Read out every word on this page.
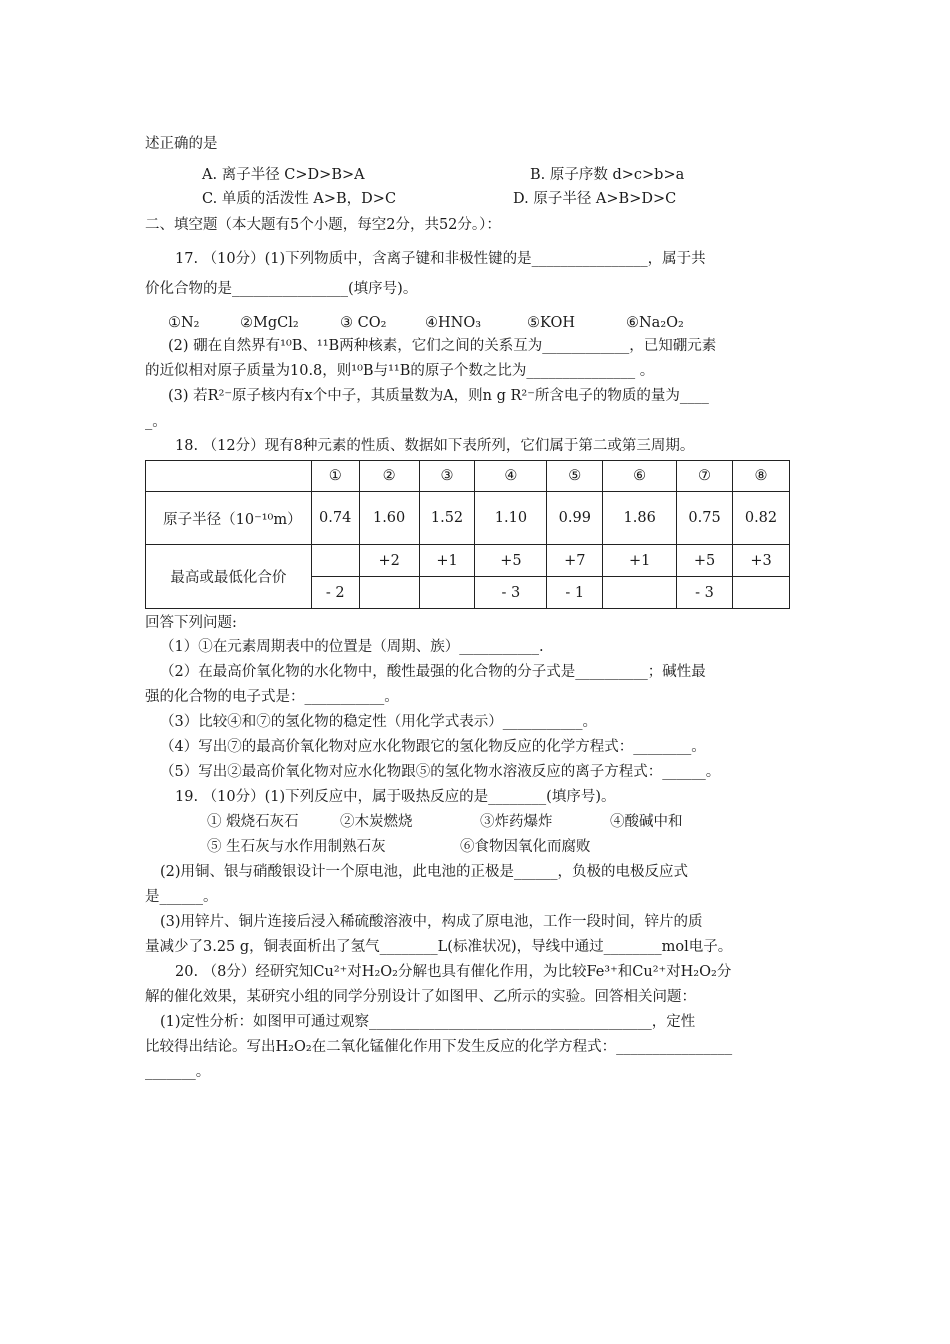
述正确的是
A. 离子半径 C>D>B>A	B. 原子序数 d>c>b>a
C. 单质的活泼性 A>B，D>C	D. 原子半径 A>B>D>C
二、填空题（本大题有5个小题，每空2分，共52分。）：
17. （10分）(1)下列物质中，含离子键和非极性键的是________________，属于共
价化合物的是________________(填序号)。
①N₂	②MgCl₂	③ CO₂	④HNO₃	⑤KOH	⑥Na₂O₂
(2) 硼在自然界有¹⁰B、¹¹B两种核素，它们之间的关系互为____________，已知硼元素
的近似相对原子质量为10.8，则¹⁰B与¹¹B的原子个数之比为_______________ 。
(3) 若R²⁻原子核内有x个中子，其质量数为A，则n g R²⁻所含电子的物质的量为____
_。
18. （12分）现有8种元素的性质、数据如下表所列，它们属于第二或第三周期。
	①	②	③	④	⑤	⑥	⑦	⑧
原子半径（10⁻¹⁰m）	0.74	1.60	1.52	1.10	0.99	1.86	0.75	0.82
最高或最低化合价		+2	+1	+5	+7	+1	+5	+3
	- 2			- 3	- 1		- 3	
回答下列问题:
（1）①在元素周期表中的位置是（周期、族）___________.
（2）在最高价氧化物的水化物中，酸性最强的化合物的分子式是__________；碱性最
强的化合物的电子式是：___________。
（3）比较④和⑦的氢化物的稳定性（用化学式表示）___________。
（4）写出⑦的最高价氧化物对应水化物跟它的氢化物反应的化学方程式：________。
（5）写出②最高价氧化物对应水化物跟⑤的氢化物水溶液反应的离子方程式：______。
19. （10分）(1)下列反应中，属于吸热反应的是________(填序号)。
① 煅烧石灰石	②木炭燃烧	③炸药爆炸	④酸碱中和
⑤ 生石灰与水作用制熟石灰	⑥食物因氧化而腐败
(2)用铜、银与硝酸银设计一个原电池，此电池的正极是______，负极的电极反应式
是______。
(3)用锌片、铜片连接后浸入稀硫酸溶液中，构成了原电池，工作一段时间，锌片的质
量减少了3.25 g，铜表面析出了氢气________L(标准状况)，导线中通过________mol电子。
20. （8分）经研究知Cu²⁺对H₂O₂分解也具有催化作用，为比较Fe³⁺和Cu²⁺对H₂O₂分
解的催化效果，某研究小组的同学分别设计了如图甲、乙所示的实验。回答相关问题：
(1)定性分析：如图甲可通过观察_______________________________________，定性
比较得出结论。写出H₂O₂在二氧化锰催化作用下发生反应的化学方程式：________________
_______。
